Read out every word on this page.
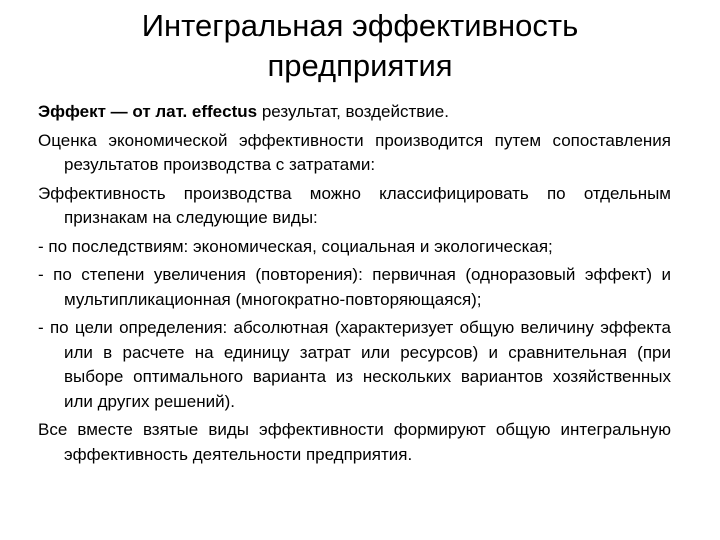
Интегральная эффективность
предприятия

Эффект — от лат. effectus результат, воздействие.

Оценка экономической эффективности производится путем сопоставления результатов производства с затратами:

Эффективность производства можно классифицировать по отдельным признакам на следующие виды:

- по последствиям: экономическая, социальная и экологическая;

- по степени увеличения (повторения): первичная (одноразовый эффект) и мультипликационная (многократно-повторяющаяся);

- по цели определения: абсолютная (характеризует общую величину эффекта или в расчете на единицу затрат или ресурсов) и сравнительная (при выборе оптимального варианта из нескольких вариантов хозяйственных или других решений).

Все вместе взятые виды эффективности формируют общую интегральную эффективность деятельности предприятия.
